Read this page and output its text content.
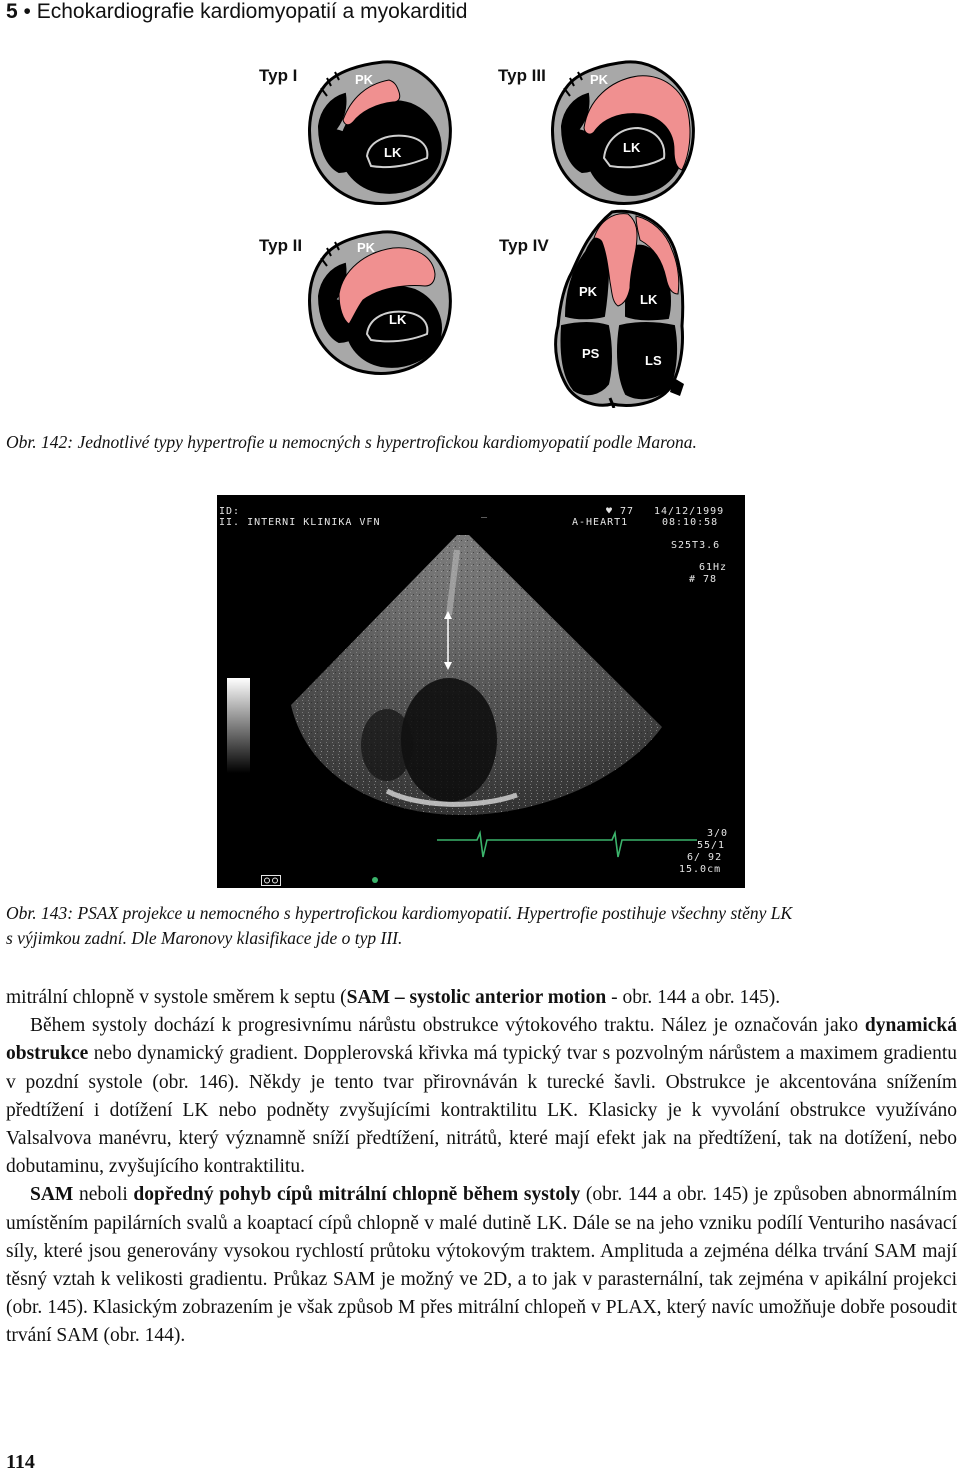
5 • Echokardiografie kardiomyopatií a myokarditid
Typ I	Typ III
Typ II	Typ IV
PK
LK
PK
LK
PK
LK
PK
LK
PS	LS
Obr. 142: Jednotlivé typy hypertrofie u nemocných s hypertrofickou kardiomyopatií podle Marona.
ID:
II. INTERNI KLINIKA VFN
_	♥ 77 14/12/1999
A-HEART1	08:10:58
S25T3.6
61Hz
# 78
3/0
55/1
6/ 92
15.0cm
Obr. 143: PSAX projekce u nemocného s hypertrofickou kardiomyopatií. Hypertrofie postihuje všechny stěny LK
s výjimkou zadní. Dle Maronovy klasifikace jde o typ III.

mitrální chlopně v systole směrem k septu (SAM – systolic anterior motion - obr. 144 a obr. 145).

Během systoly dochází k progresivnímu nárůstu obstrukce výtokového traktu. Nález je označován jako dynamická obstrukce nebo dynamický gradient. Dopplerovská křivka má typický tvar s pozvolným nárůstem a maximem gradientu v pozdní systole (obr. 146). Někdy je tento tvar přirovnáván k turecké šavli. Obstrukce je akcentována snížením předtížení i dotížení LK nebo podněty zvyšujícími kontraktilitu LK. Klasicky je k vyvolání obstrukce využíváno Valsalvova manévru, který významně sníží předtížení, nitrátů, které mají efekt jak na předtížení, tak na dotížení, nebo dobutaminu, zvyšujícího kontraktilitu.

SAM neboli dopředný pohyb cípů mitrální chlopně během systoly (obr. 144 a obr. 145) je způsoben abnormálním umístěním papilárních svalů a koaptací cípů chlopně v malé dutině LK. Dále se na jeho vzniku podílí Venturiho nasávací síly, které jsou generovány vysokou rychlostí průtoku výtokovým traktem. Amplituda a zejména délka trvání SAM mají těsný vztah k velikosti gradientu. Průkaz SAM je možný ve 2D, a to jak v parasternální, tak zejména v apikální projekci (obr. 145). Klasickým zobrazením je však způsob M přes mitrální chlopeň v PLAX, který navíc umožňuje dobře posoudit trvání SAM (obr. 144).

114
